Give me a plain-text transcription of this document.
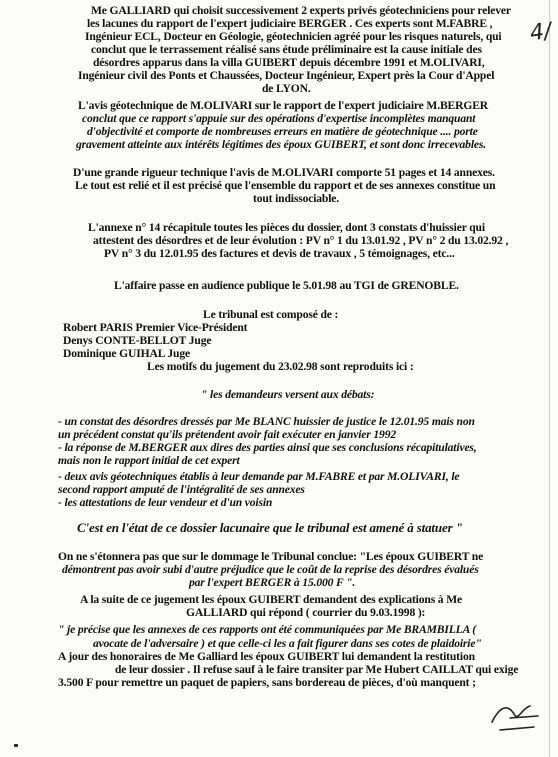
4/
Me GALLIARD qui choisit successivement 2 experts privés géotechniciens pour relever
les lacunes du rapport de l'expert judiciaire BERGER . Ces experts sont M.FABRE ,
Ingénieur ECL, Docteur en Géologie, géotechnicien agréé pour les risques naturels, qui
conclut que le terrassement réalisé sans étude préliminaire est la cause initiale des
désordres apparus dans la villa GUIBERT depuis décembre 1991 et M.OLIVARI,
Ingénieur civil des Ponts et Chaussées, Docteur Ingénieur, Expert près la Cour d'Appel
de LYON.
L'avis géotechnique de M.OLIVARI sur le rapport de l'expert judiciaire M.BERGER
conclut que ce rapport s'appuie sur des opérations d'expertise incomplètes manquant
d'objectivité et comporte de nombreuses erreurs en matière de géotechnique .... porte
gravement atteinte aux intérêts légitimes des époux GUIBERT, et sont donc irrecevables.
D'une grande rigueur technique l'avis de M.OLIVARI comporte 51 pages et 14 annexes.
Le tout est relié et il est précisé que l'ensemble du rapport et de ses annexes constitue un
tout indissociable.
L'annexe n° 14 récapitule toutes les pièces du dossier, dont 3 constats d'huissier qui
attestent des désordres et de leur évolution : PV n° 1 du 13.01.92 , PV n° 2 du 13.02.92 ,
PV n° 3 du 12.01.95 des factures et devis de travaux , 5 témoignages, etc...
L'affaire passe en audience publique le 5.01.98 au TGI de GRENOBLE.
Le tribunal est composé de :
Robert PARIS Premier Vice-Président
Denys CONTE-BELLOT Juge
Dominique GUIHAL Juge
Les motifs du jugement du 23.02.98 sont reproduits ici :
" les demandeurs versent aux débats:
- un constat des désordres dressés par Me BLANC huissier de justice le 12.01.95 mais non
un précédent constat qu'ils prétendent avoir fait exécuter en janvier 1992
- la réponse de M.BERGER aux dires des parties ainsi que ses conclusions récapitulatives,
mais non le rapport initial de cet expert
- deux avis géotechniques établis à leur demande par M.FABRE et par M.OLIVARI, le
second rapport amputé de l'intégralité de ses annexes
- les attestations de leur vendeur et d'un voisin
C'est en l'état de ce dossier lacunaire que le tribunal est amené à statuer "
On ne s'étonnera pas que sur le dommage le Tribunal conclue: "Les époux GUIBERT ne
démontrent pas avoir subi d'autre préjudice que le coût de la reprise des désordres évalués
par l'expert BERGER à 15.000 F ".
A la suite de ce jugement les époux GUIBERT demandent des explications à Me
GALLIARD qui répond ( courrier du 9.03.1998 ):
" je précise que les annexes de ces rapports ont été communiquées par Me BRAMBILLA (
avocate de l'adversaire ) et que celle-ci les a fait figurer dans ses cotes de plaidoirie"
A jour des honoraires de Me Galliard les époux GUIBERT lui demandent la restitution
de leur dossier . Il refuse sauf à le faire transiter par Me Hubert CAILLAT qui exige
3.500 F pour remettre un paquet de papiers, sans bordereau de pièces, d'où manquent ;
